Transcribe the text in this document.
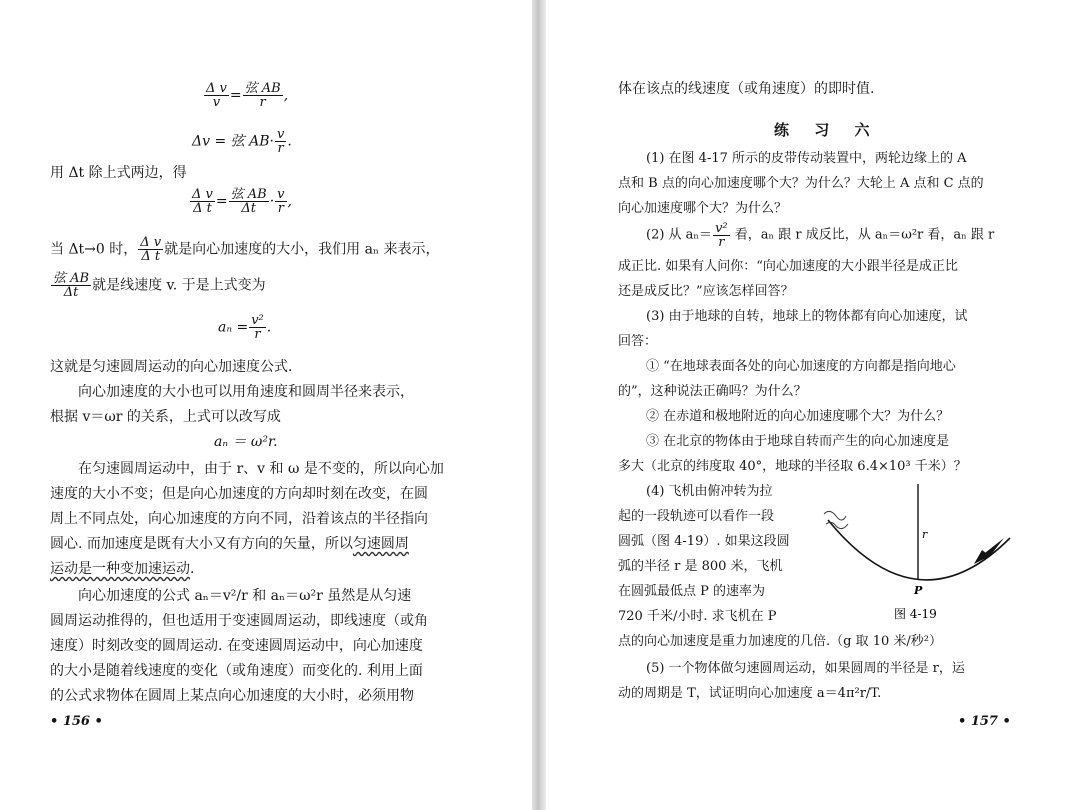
$\frac{\text{Δ v}}{v} = \frac{\text{弦 AB}}{r}$ ,
Δv = 弦 $AB\cdot \frac{v}{r}$ .
用 Δt 除上式两边，得
$\frac{\text{Δ v}}{\text{Δ t}} = \frac{\text{弦 AB}}{\Delta t} \cdot \frac{v}{r}$ ,
当 Δt→0 时， $\frac{\text{Δ v}}{\text{Δ t}}$ 就是向心加速度的大小，我们用 aₙ 来表示，
$\frac{\text{弦 AB}}{\Delta t}$ 就是线速度 v. 于是上式变为
$a_n = \frac{\text{v²}}{r}$ .
这就是匀速圆周运动的向心加速度公式.
向心加速度的大小也可以用角速度和圆周半径来表示，
根据 v＝ωr 的关系，上式可以改写成
aₙ ＝ ω²r.
在匀速圆周运动中，由于 r、v 和 ω 是不变的，所以向心加
速度的大小不变；但是向心加速度的方向却时刻在改变，在圆
周上不同点处，向心加速度的方向不同，沿着该点的半径指向
圆心. 而加速度是既有大小又有方向的矢量，所以匀速圆周
运动是一种变加速运动.
向心加速度的公式 aₙ＝v²/r 和 aₙ＝ω²r 虽然是从匀速
圆周运动推得的，但也适用于变速圆周运动，即线速度（或角
速度）时刻改变的圆周运动. 在变速圆周运动中，向心加速度
的大小是随着线速度的变化（或角速度）而变化的. 利用上面
的公式求物体在圆周上某点向心加速度的大小时，必须用物
• 156 •
体在该点的线速度（或角速度）的即时值.
练 习 六
(1) 在图 4-17 所示的皮带传动装置中，两轮边缘上的 A
点和 B 点的向心加速度哪个大？为什么？大轮上 A 点和 C 点的
向心加速度哪个大？为什么？
(2) 从 $a_n= \frac{\text{v²}}{r}$ 看，aₙ 跟 r 成反比，从 aₙ＝ω²r 看，aₙ 跟 r
成正比. 如果有人问你：“向心加速度的大小跟半径是成正比
还是成反比？”应该怎样回答？
(3) 由于地球的自转，地球上的物体都有向心加速度，试
回答：
① “在地球表面各处的向心加速度的方向都是指向地心
的”，这种说法正确吗？为什么？
② 在赤道和极地附近的向心加速度哪个大？为什么？
③ 在北京的物体由于地球自转而产生的向心加速度是
多大（北京的纬度取 40°，地球的半径取 6.4×10³ 千米）？
(4) 飞机由俯冲转为拉
起的一段轨迹可以看作一段
圆弧（图 4-19）. 如果这段圆
弧的半径 r 是 800 米，飞机
在圆弧最低点 P 的速率为
720 千米/小时. 求飞机在 P
点的向心加速度是重力加速度的几倍.（g 取 10 米/秒²）
r
P
图 4-19
(5) 一个物体做匀速圆周运动，如果圆周的半径是 r，运
动的周期是 T，试证明向心加速度 a＝4π²r/T.
• 157 •
